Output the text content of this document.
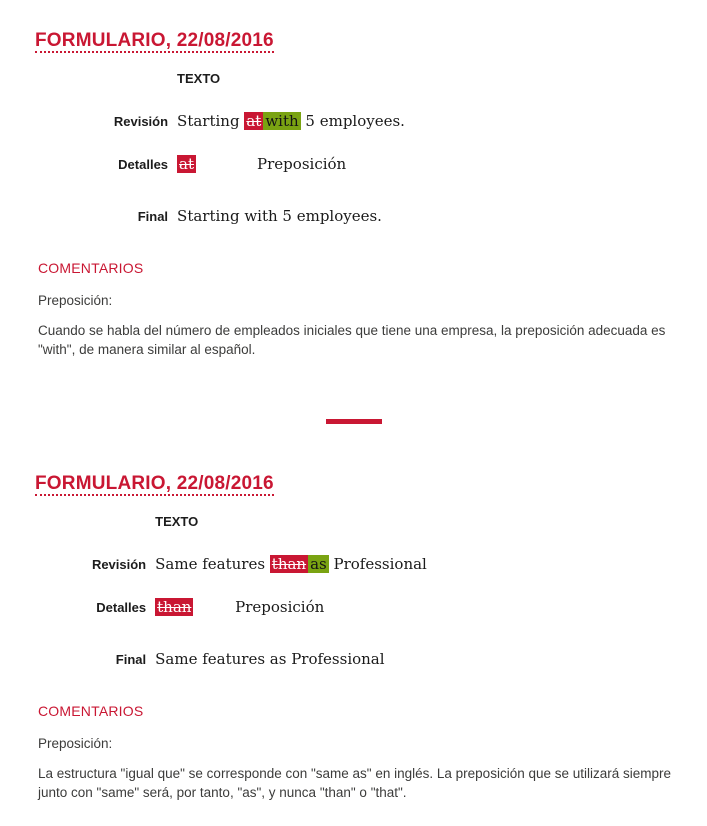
FORMULARIO, 22/08/2016
TEXTO
Revisión Starting at with 5 employees.
Detalles at	Preposición
Final Starting with 5 employees.
COMENTARIOS
Preposición:

Cuando se habla del número de empleados iniciales que tiene una empresa, la preposición adecuada es "with", de manera similar al español.

FORMULARIO, 22/08/2016
TEXTO
Revisión Same features than as Professional
Detalles than	Preposición
Final Same features as Professional
COMENTARIOS
Preposición:

La estructura "igual que" se corresponde con "same as" en inglés. La preposición que se utilizará siempre junto con "same" será, por tanto, "as", y nunca "than" o "that".
